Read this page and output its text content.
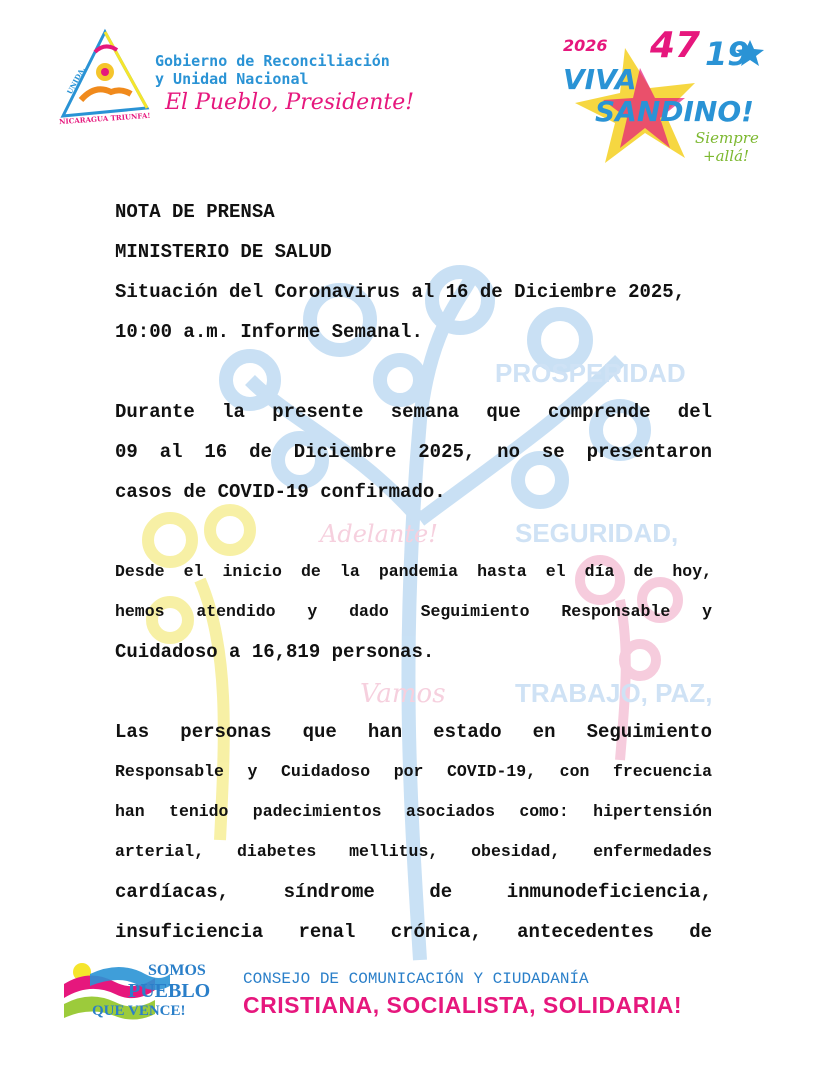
Vamos	TRABAJO, PAZ,
Adelante!	SEGURIDAD,
PROSPERIDAD
UNIDA,
NICARAGUA TRIUNFA!
Gobierno de Reconciliación
y Unidad Nacional
El Pueblo, Presidente!
2026 47 19
VIVA
SANDINO!
Siempre
+allá!
NOTA DE PRENSA
MINISTERIO DE SALUD
Situación del Coronavirus al 16 de Diciembre 2025,
10:00 a.m. Informe Semanal.
Durante la presente semana que comprende del
09 al 16 de Diciembre 2025, no se presentaron
casos de COVID-19 confirmado.
Desde el inicio de la pandemia hasta el día de hoy,
hemos atendido y dado Seguimiento Responsable y
Cuidadoso a 16,819 personas.
Las personas que han estado en Seguimiento
Responsable y Cuidadoso por COVID-19, con frecuencia
han tenido padecimientos asociados como: hipertensión
arterial, diabetes mellitus, obesidad, enfermedades
cardíacas, síndrome de inmunodeficiencia,
insuficiencia renal crónica, antecedentes de
SOMOS
PUEBLO
QUE VENCE!
CONSEJO DE COMUNICACIÓN Y CIUDADANÍA
CRISTIANA, SOCIALISTA, SOLIDARIA!
